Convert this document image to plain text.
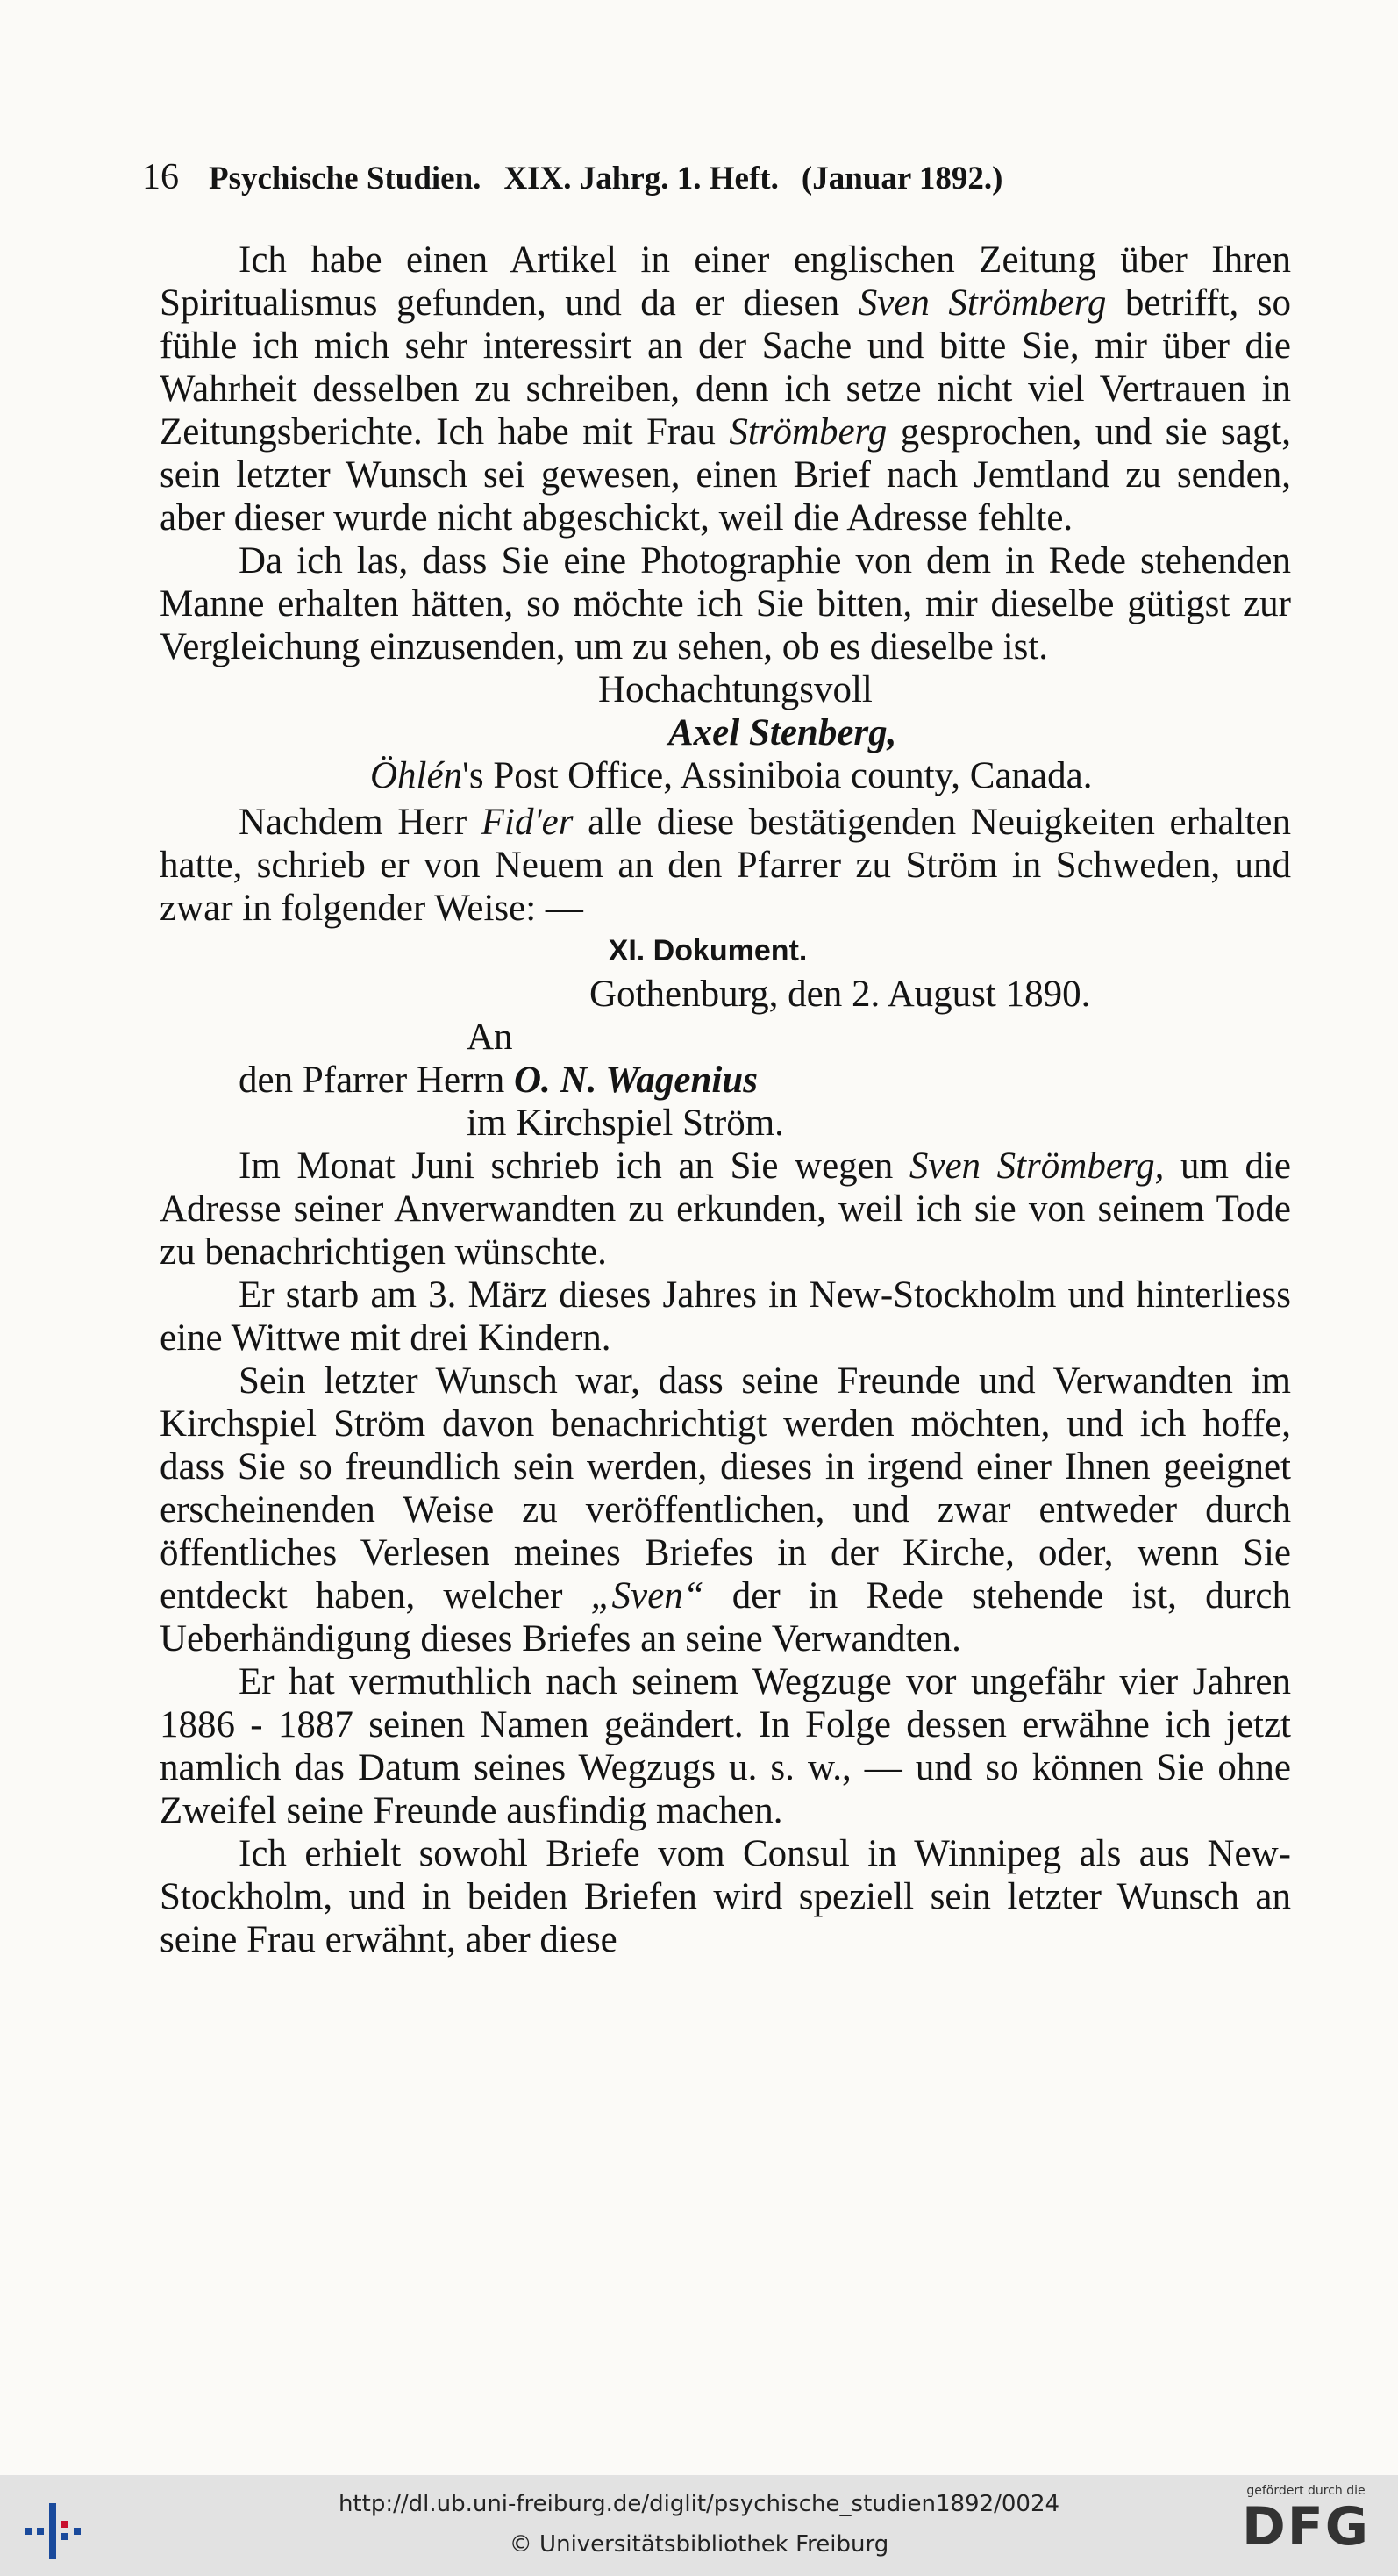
16 Psychische Studien. XIX. Jahrg. 1. Heft. (Januar 1892.)

Ich habe einen Artikel in einer englischen Zeitung über Ihren Spiritualismus gefunden, und da er diesen Sven Strömberg betrifft, so fühle ich mich sehr interessirt an der Sache und bitte Sie, mir über die Wahrheit desselben zu schreiben, denn ich setze nicht viel Vertrauen in Zeitungsberichte. Ich habe mit Frau Strömberg gesprochen, und sie sagt, sein letzter Wunsch sei gewesen, einen Brief nach Jemtland zu senden, aber dieser wurde nicht abgeschickt, weil die Adresse fehlte.

Da ich las, dass Sie eine Photographie von dem in Rede stehenden Manne erhalten hätten, so möchte ich Sie bitten, mir dieselbe gütigst zur Vergleichung einzusenden, um zu sehen, ob es dieselbe ist.

Hochachtungsvoll
Axel Stenberg,
Öhlén's Post Office, Assiniboia county, Canada.

Nachdem Herr Fid'er alle diese bestätigenden Neuigkeiten erhalten hatte, schrieb er von Neuem an den Pfarrer zu Ström in Schweden, und zwar in folgender Weise: —

XI. Dokument.
Gothenburg, den 2. August 1890.
An
den Pfarrer Herrn O. N. Wagenius
im Kirchspiel Ström.

Im Monat Juni schrieb ich an Sie wegen Sven Strömberg, um die Adresse seiner Anverwandten zu erkunden, weil ich sie von seinem Tode zu benachrichtigen wünschte.

Er starb am 3. März dieses Jahres in New-Stockholm und hinterliess eine Wittwe mit drei Kindern.

Sein letzter Wunsch war, dass seine Freunde und Verwandten im Kirchspiel Ström davon benachrichtigt werden möchten, und ich hoffe, dass Sie so freundlich sein werden, dieses in irgend einer Ihnen geeignet erscheinenden Weise zu veröffentlichen, und zwar entweder durch öffentliches Verlesen meines Briefes in der Kirche, oder, wenn Sie entdeckt haben, welcher „Sven“ der in Rede stehende ist, durch Ueberhändigung dieses Briefes an seine Verwandten.

Er hat vermuthlich nach seinem Wegzuge vor ungefähr vier Jahren 1886 - 1887 seinen Namen geändert. In Folge dessen erwähne ich jetzt namlich das Datum seines Wegzugs u. s. w., — und so können Sie ohne Zweifel seine Freunde ausfindig machen.

Ich erhielt sowohl Briefe vom Consul in Winnipeg als aus New-Stockholm, und in beiden Briefen wird speziell sein letzter Wunsch an seine Frau erwähnt, aber diese

http://dl.ub.uni-freiburg.de/diglit/psychische_studien1892/0024
© Universitätsbibliothek Freiburg
gefördert durch die
DFG
